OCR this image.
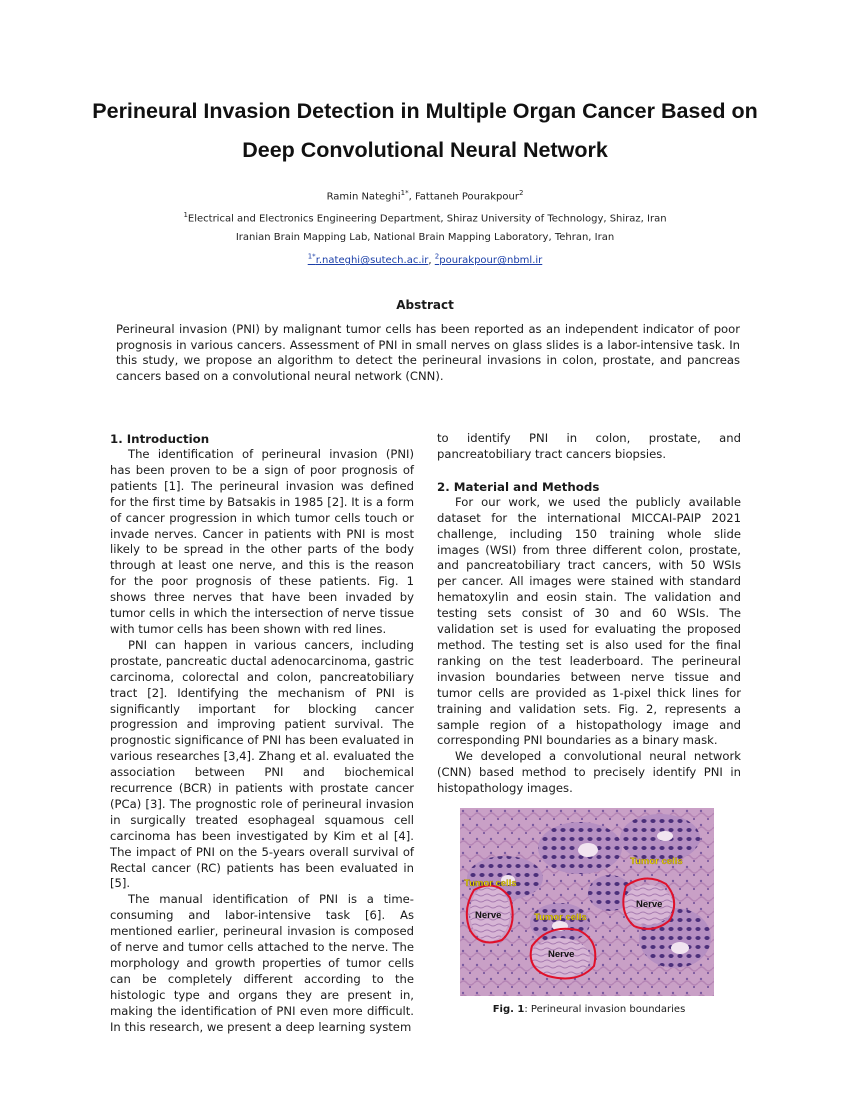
Perineural Invasion Detection in Multiple Organ Cancer Based on
Deep Convolutional Neural Network
Ramin Nateghi$^{1*}$, Fattaneh Pourakpour$^2$
$^1$Electrical and Electronics Engineering Department, Shiraz University of Technology, Shiraz, Iran
Iranian Brain Mapping Lab, National Brain Mapping Laboratory, Tehran, Iran
$^{1*}$r.nateghi@sutech.ac.ir, $^2$pourakpour@nbml.ir
Abstract
Perineural invasion (PNI) by malignant tumor cells has been reported as an independent indicator of poor prognosis in various cancers. Assessment of PNI in small nerves on glass slides is a labor-intensive task. In this study, we propose an algorithm to detect the perineural invasions in colon, prostate, and pancreas cancers based on a convolutional neural network (CNN).
1. Introduction

The identification of perineural invasion (PNI) has been proven to be a sign of poor prognosis of patients [1]. The perineural invasion was defined for the first time by Batsakis in 1985 [2]. It is a form of cancer progression in which tumor cells touch or invade nerves. Cancer in patients with PNI is most likely to be spread in the other parts of the body through at least one nerve, and this is the reason for the poor prognosis of these patients. Fig. 1 shows three nerves that have been invaded by tumor cells in which the intersection of nerve tissue with tumor cells has been shown with red lines.

PNI can happen in various cancers, including prostate, pancreatic ductal adenocarcinoma, gastric carcinoma, colorectal and colon, pancreatobiliary tract [2]. Identifying the mechanism of PNI is significantly important for blocking cancer progression and improving patient survival. The prognostic significance of PNI has been evaluated in various researches [3,4]. Zhang et al. evaluated the association between PNI and biochemical recurrence (BCR) in patients with prostate cancer (PCa) [3]. The prognostic role of perineural invasion in surgically treated esophageal squamous cell carcinoma has been investigated by Kim et al [4]. The impact of PNI on the 5-years overall survival of Rectal cancer (RC) patients has been evaluated in [5].

The manual identification of PNI is a time-consuming and labor-intensive task [6]. As mentioned earlier, perineural invasion is composed of nerve and tumor cells attached to the nerve. The morphology and growth properties of tumor cells can be completely different according to the histologic type and organs they are present in, making the identification of PNI even more difficult. In this research, we present a deep learning system

to identify PNI in colon, prostate, and pancreatobiliary tract cancers biopsies.

2. Material and Methods

For our work, we used the publicly available dataset for the international MICCAI-PAIP 2021 challenge, including 150 training whole slide images (WSI) from three different colon, prostate, and pancreatobiliary tract cancers, with 50 WSIs per cancer. All images were stained with standard hematoxylin and eosin stain. The validation and testing sets consist of 30 and 60 WSIs. The validation set is used for evaluating the proposed method. The testing set is also used for the final ranking on the test leaderboard. The perineural invasion boundaries between nerve tissue and tumor cells are provided as 1-pixel thick lines for training and validation sets. Fig. 2, represents a sample region of a histopathology image and corresponding PNI boundaries as a binary mask.

We developed a convolutional neural network (CNN) based method to precisely identify PNI in histopathology images.

Tumor cells
Tumor cells
Tumor cells
Nerve
Nerve
Nerve
Fig. 1: Perineural invasion boundaries
